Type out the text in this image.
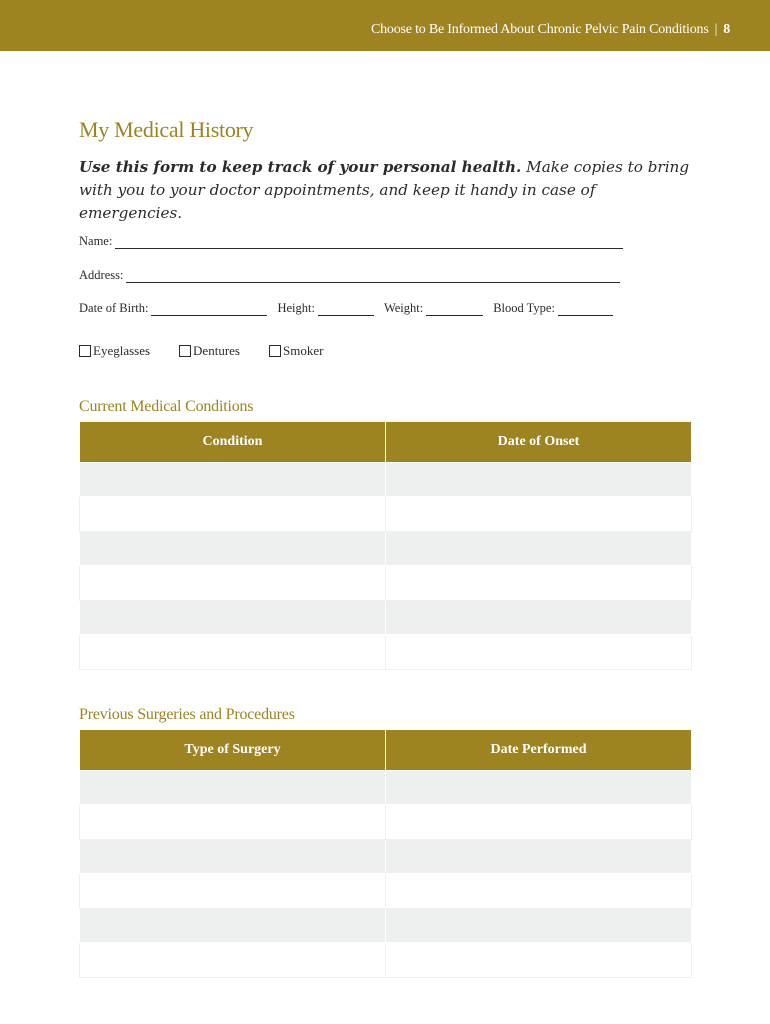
Choose to Be Informed About Chronic Pelvic Pain Conditions | 8
My Medical History

Use this form to keep track of your personal health. Make copies to bring with you to your doctor appointments, and keep it handy in case of emergencies.

Name:
Address:
Date of Birth:	Height:	Weight:	Blood Type:
Eyeglasses	Dentures	Smoker
Current Medical Conditions
Condition	Date of Onset

Previous Surgeries and Procedures
Type of Surgery	Date Performed
